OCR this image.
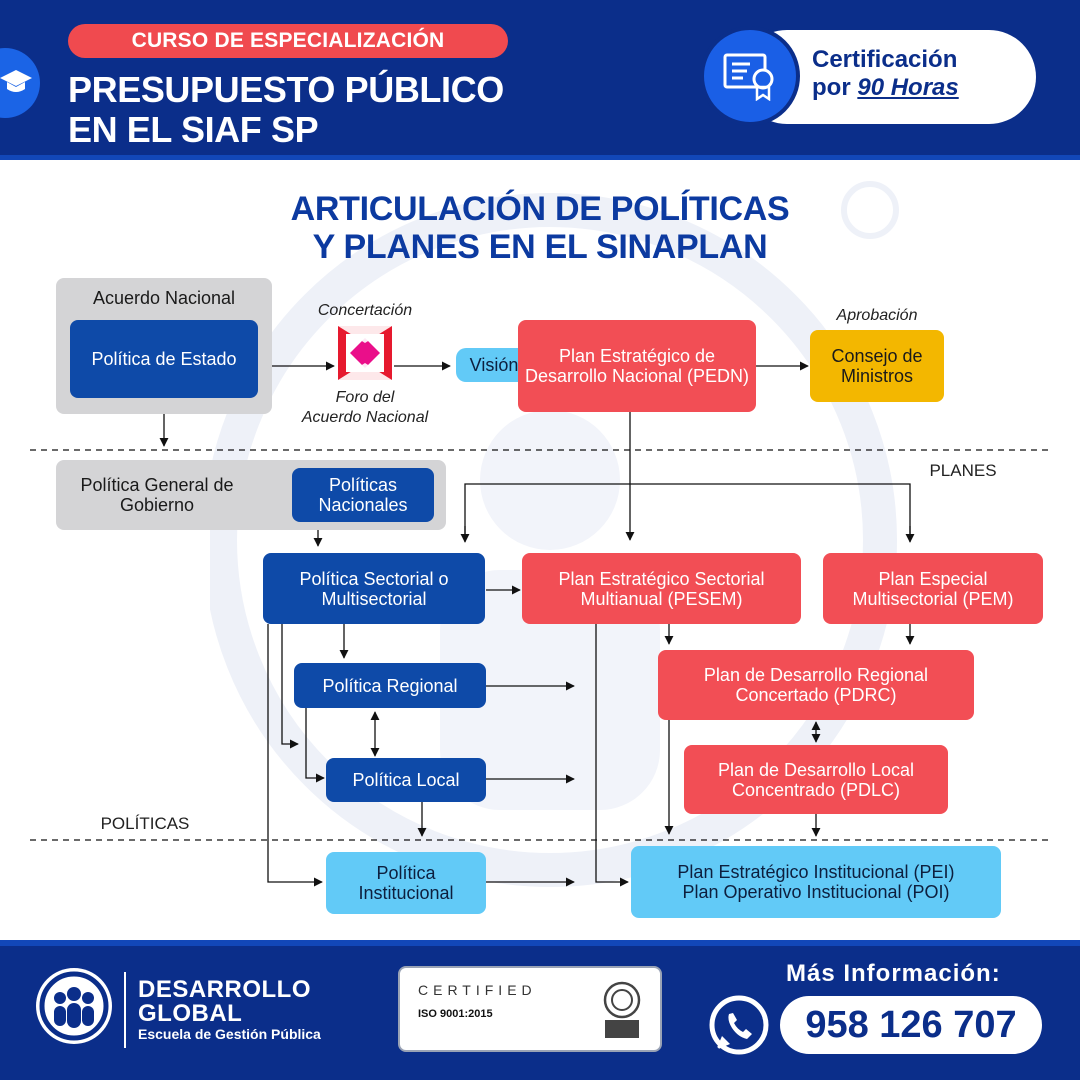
CURSO DE ESPECIALIZACIÓN
PRESUPUESTO PÚBLICO
EN EL SIAF SP
Certificación
por 90 Horas
ARTICULACIÓN DE POLÍTICAS
Y PLANES EN EL SINAPLAN
Acuerdo Nacional
Política de Estado
Concertación
Foro del
Acuerdo Nacional
Visión	Plan Estratégico de Desarrollo Nacional (PEDN)
Aprobación
Consejo de Ministros
PLANES
POLÍTICAS
Política General de Gobierno
Políticas Nacionales
Política Sectorial o Multisectorial
Plan Estratégico Sectorial Multianual (PESEM)
Plan Especial Multisectorial (PEM)
Política Regional
Plan de Desarrollo Regional Concertado (PDRC)
Política Local
Plan de Desarrollo Local Concentrado (PDLC)
Política Institucional
Plan Estratégico Institucional (PEI)
Plan Operativo Institucional (POI)
DESARROLLO
GLOBAL
Escuela de Gestión Pública
CERTIFIED
ISO 9001:2015
Más Información:
958 126 707
